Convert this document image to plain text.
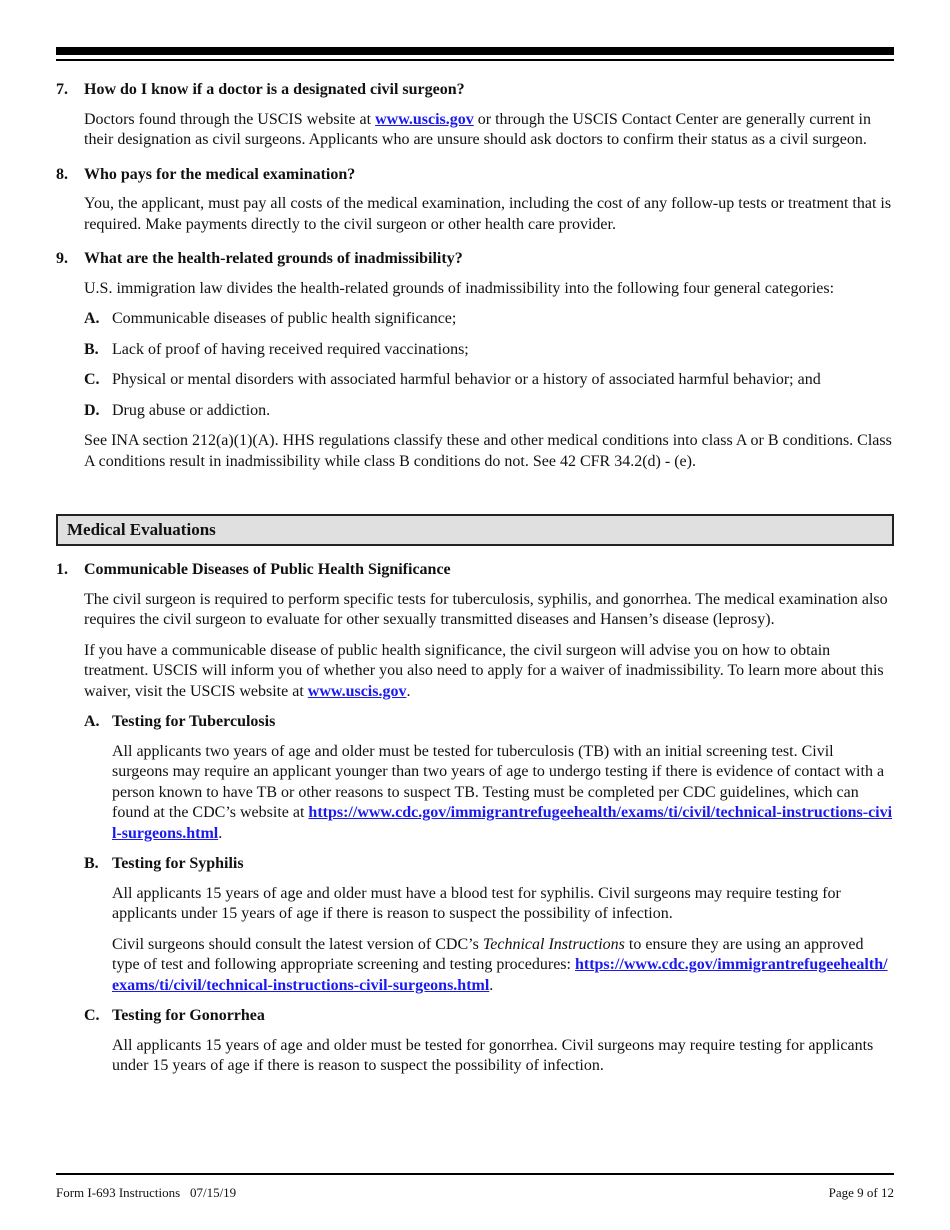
7.	How do I know if a doctor is a designated civil surgeon?

Doctors found through the USCIS website at www.uscis.gov or through the USCIS Contact Center are generally current in their designation as civil surgeons. Applicants who are unsure should ask doctors to confirm their status as a civil surgeon.

8.	Who pays for the medical examination?

You, the applicant, must pay all costs of the medical examination, including the cost of any follow-up tests or treatment that is required. Make payments directly to the civil surgeon or other health care provider.

9.	What are the health-related grounds of inadmissibility?

U.S. immigration law divides the health-related grounds of inadmissibility into the following four general categories:

A. Communicable diseases of public health significance;
B. Lack of proof of having received required vaccinations;
C. Physical or mental disorders with associated harmful behavior or a history of associated harmful behavior; and
D. Drug abuse or addiction.

See INA section 212(a)(1)(A). HHS regulations classify these and other medical conditions into class A or B conditions. Class A conditions result in inadmissibility while class B conditions do not. See 42 CFR 34.2(d) - (e).

Medical Evaluations
1.	Communicable Diseases of Public Health Significance

The civil surgeon is required to perform specific tests for tuberculosis, syphilis, and gonorrhea. The medical examination also requires the civil surgeon to evaluate for other sexually transmitted diseases and Hansen’s disease (leprosy).

If you have a communicable disease of public health significance, the civil surgeon will advise you on how to obtain treatment. USCIS will inform you of whether you also need to apply for a waiver of inadmissibility. To learn more about this waiver, visit the USCIS website at www.uscis.gov.

A. Testing for Tuberculosis

All applicants two years of age and older must be tested for tuberculosis (TB) with an initial screening test. Civil surgeons may require an applicant younger than two years of age to undergo testing if there is evidence of contact with a person known to have TB or other reasons to suspect TB. Testing must be completed per CDC guidelines, which can found at the CDC’s website at https://www.cdc.gov/immigrantrefugeehealth/exams/ti/civil/technical-instructions-civil-surgeons.html.

B. Testing for Syphilis

All applicants 15 years of age and older must have a blood test for syphilis. Civil surgeons may require testing for applicants under 15 years of age if there is reason to suspect the possibility of infection.

Civil surgeons should consult the latest version of CDC’s Technical Instructions to ensure they are using an approved type of test and following appropriate screening and testing procedures: https://www.cdc.gov/immigrantrefugeehealth/exams/ti/civil/technical-instructions-civil-surgeons.html.

C. Testing for Gonorrhea

All applicants 15 years of age and older must be tested for gonorrhea. Civil surgeons may require testing for applicants under 15 years of age if there is reason to suspect the possibility of infection.

Form I-693 Instructions   07/15/19	Page 9 of 12
